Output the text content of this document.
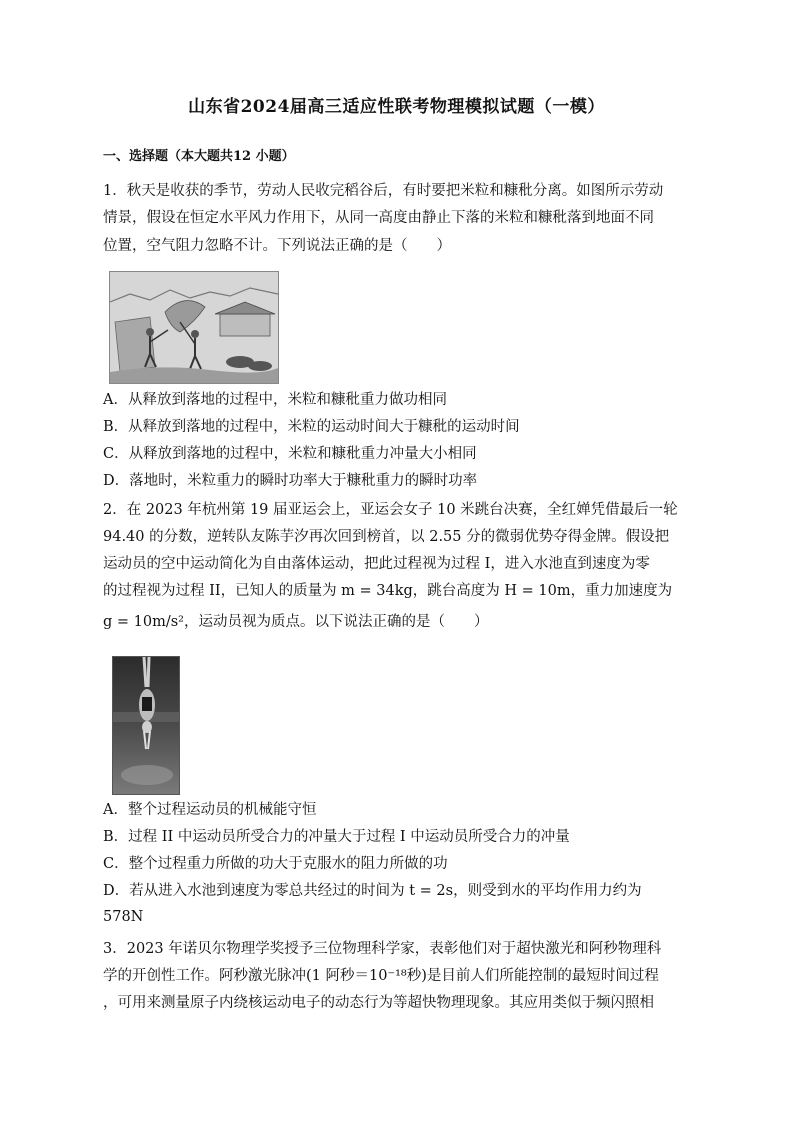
山东省2024届高三适应性联考物理模拟试题（一模）
一、选择题（本大题共12 小题）
1．秋天是收获的季节，劳动人民收完稻谷后，有时要把米粒和糠秕分离。如图所示劳动
情景，假设在恒定水平风力作用下，从同一高度由静止下落的米粒和糠秕落到地面不同
位置，空气阻力忽略不计。下列说法正确的是（　　）
A．从释放到落地的过程中，米粒和糠秕重力做功相同
B．从释放到落地的过程中，米粒的运动时间大于糠秕的运动时间
C．从释放到落地的过程中，米粒和糠秕重力冲量大小相同
D．落地时，米粒重力的瞬时功率大于糠秕重力的瞬时功率
2．在 2023 年杭州第 19 届亚运会上，亚运会女子 10 米跳台决赛，全红婵凭借最后一轮
94.40 的分数，逆转队友陈芋汐再次回到榜首，以 2.55 分的微弱优势夺得金牌。假设把
运动员的空中运动简化为自由落体运动，把此过程视为过程 I，进入水池直到速度为零
的过程视为过程 II，已知人的质量为 m = 34kg，跳台高度为 H = 10m，重力加速度为
g = 10m/s²，运动员视为质点。以下说法正确的是（　　）
A．整个过程运动员的机械能守恒
B．过程 II 中运动员所受合力的冲量大于过程 I 中运动员所受合力的冲量
C．整个过程重力所做的功大于克服水的阻力所做的功
D．若从进入水池到速度为零总共经过的时间为 t = 2s，则受到水的平均作用力约为
578N
3．2023 年诺贝尔物理学奖授予三位物理科学家，表彰他们对于超快激光和阿秒物理科
学的开创性工作。阿秒激光脉冲(1 阿秒＝10⁻¹⁸秒)是目前人们所能控制的最短时间过程
，可用来测量原子内绕核运动电子的动态行为等超快物理现象。其应用类似于频闪照相
